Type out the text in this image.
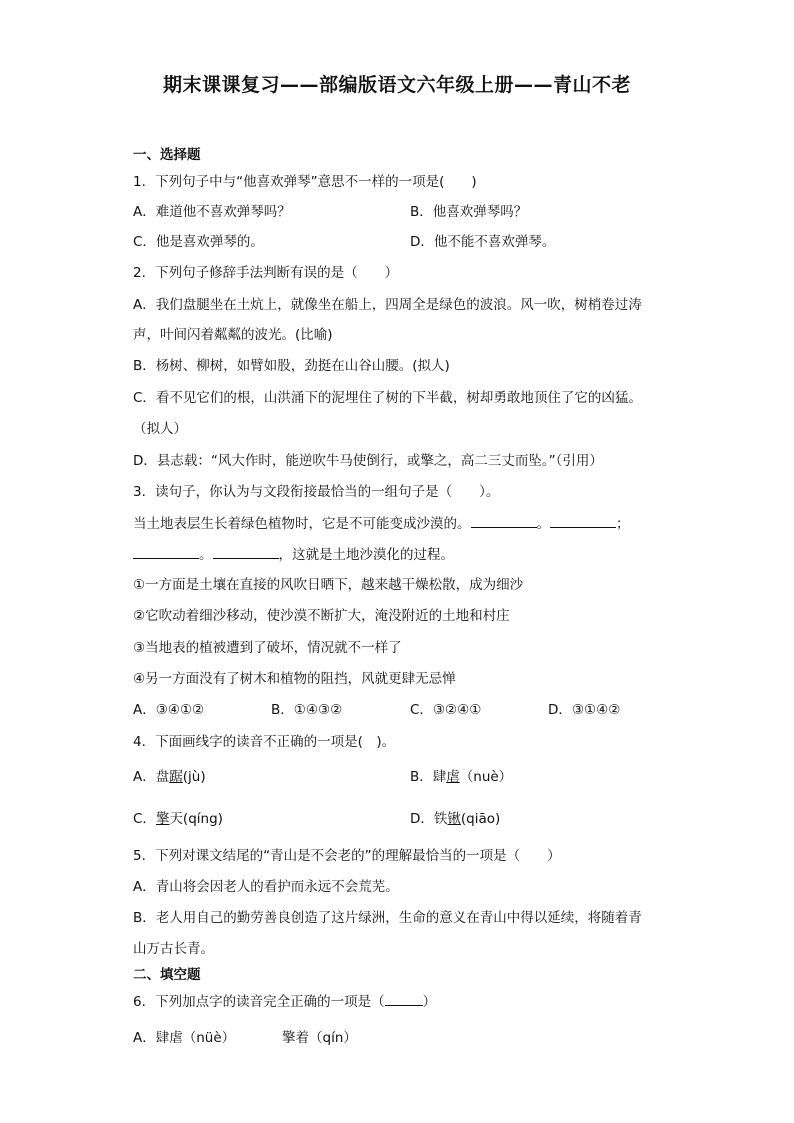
期末课课复习——部编版语文六年级上册——青山不老
一、选择题
1．下列句子中与“他喜欢弹琴”意思不一样的一项是(　　)
A．难道他不喜欢弹琴吗？	B．他喜欢弹琴吗？
C．他是喜欢弹琴的。	D．他不能不喜欢弹琴。
2．下列句子修辞手法判断有误的是（　　）
A．我们盘腿坐在土炕上，就像坐在船上，四周全是绿色的波浪。风一吹，树梢卷过涛
声，叶间闪着粼粼的波光。(比喻)
B．杨树、柳树，如臂如股，劲挺在山谷山腰。(拟人)
C．看不见它们的根，山洪涌下的泥埋住了树的下半截，树却勇敢地顶住了它的凶猛。
（拟人）
D．县志载：“风大作时，能逆吹牛马使倒行，或擎之，高二三丈而坠。”（引用）
3．读句子，你认为与文段衔接最恰当的一组句子是（　　）。
当土地表层生长着绿色植物时，它是不可能变成沙漠的。	。	；
。	，这就是土地沙漠化的过程。
①一方面是土壤在直接的风吹日晒下，越来越干燥松散，成为细沙
②它吹动着细沙移动，使沙漠不断扩大，淹没附近的土地和村庄
③当地表的植被遭到了破坏，情况就不一样了
④另一方面没有了树木和植物的阻挡，风就更肆无忌惮
A．③④①②	B．①④③②	C．③②④①	D．③①④②
4．下面画线字的读音不正确的一项是(　)。
A．盘踞(jù)	B．肆虐（nuè）
C．擎天(qíng)	D．铁锹(qiāo)
5．下列对课文结尾的“青山是不会老的”的理解最恰当的一项是（　　）
A．青山将会因老人的看护而永远不会荒芜。
B．老人用自己的勤劳善良创造了这片绿洲，生命的意义在青山中得以延续，将随着青
山万古长青。
二、填空题
6．下列加点字的读音完全正确的一项是（	）
A．肆虐（nüè）	擎着（qín）
